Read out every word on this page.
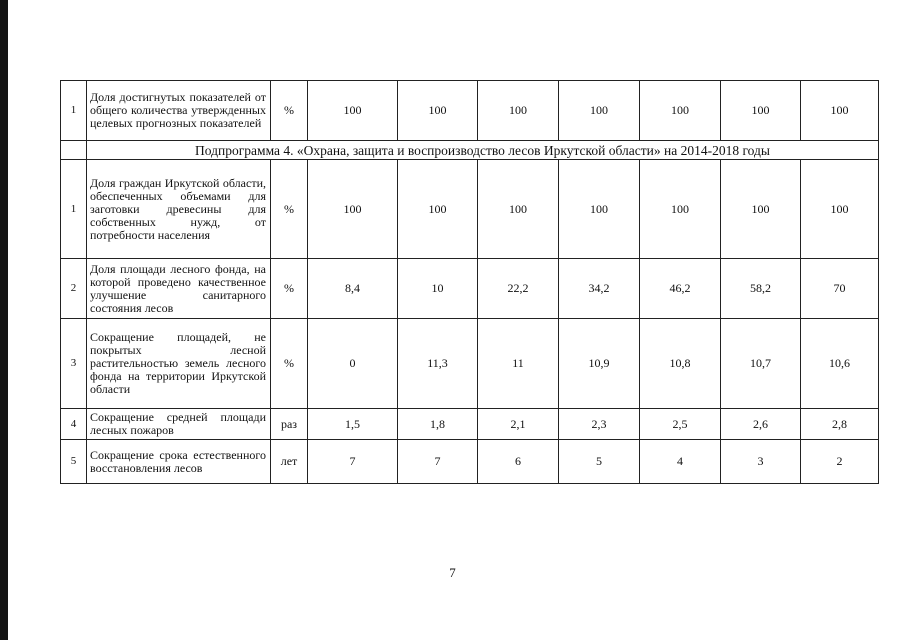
1	Доля достигнутых показателей от общего количества утвержденных целевых прогнозных показателей	%	100	100	100	100	100	100	100
	Подпрограмма 4. «Охрана, защита и воспроизводство лесов Иркутской области» на 2014-2018 годы								
1	Доля граждан Иркутской области, обеспеченных объемами для заготовки древесины для собственных нужд, от потребности населения	%	100	100	100	100	100	100	100
2	Доля площади лесного фонда, на которой проведено качественное улучшение санитарного состояния лесов	%	8,4	10	22,2	34,2	46,2	58,2	70
3	Сокращение площадей, не покрытых лесной растительностью земель лесного фонда на территории Иркутской области	%	0	11,3	11	10,9	10,8	10,7	10,6
4	Сокращение средней площади лесных пожаров	раз	1,5	1,8	2,1	2,3	2,5	2,6	2,8
5	Сокращение срока естественного восстановления лесов	лет	7	7	6	5	4	3	2
7
